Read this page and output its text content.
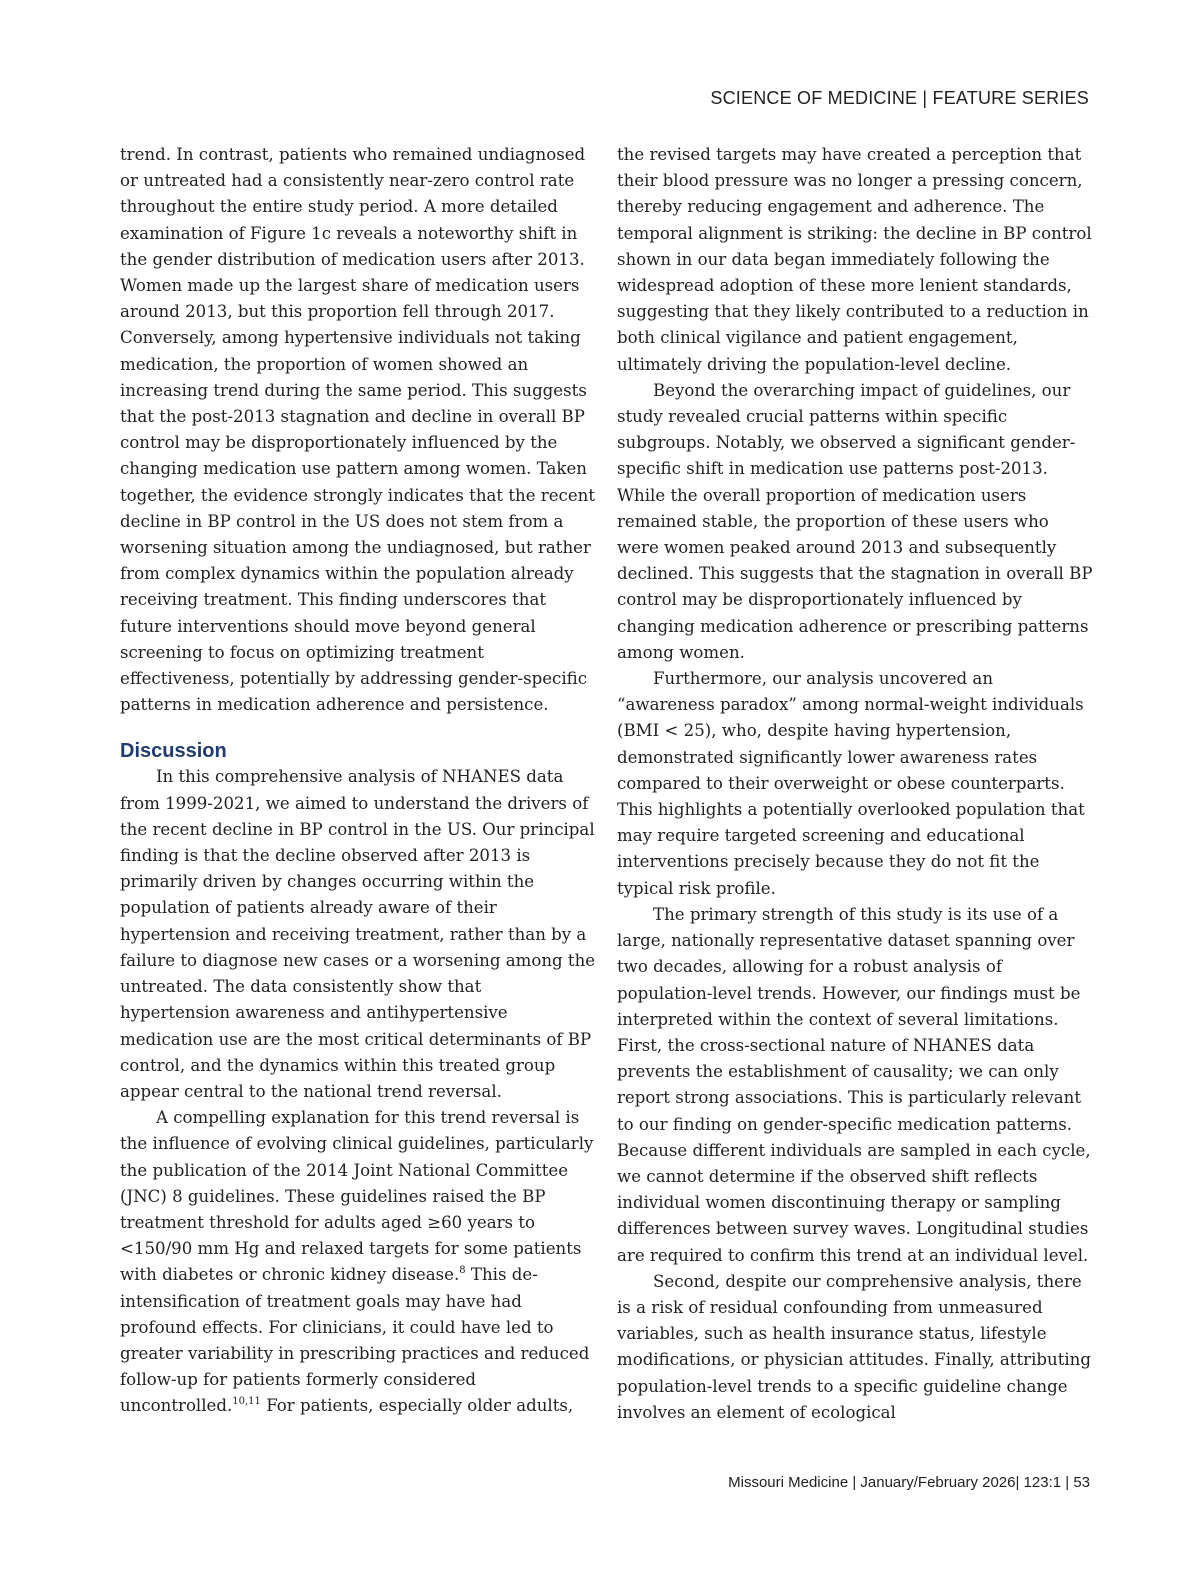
SCIENCE OF MEDICINE | FEATURE SERIES

trend. In contrast, patients who remained undiagnosed or untreated had a consistently near-zero control rate throughout the entire study period. A more detailed examination of Figure 1c reveals a noteworthy shift in the gender distribution of medication users after 2013. Women made up the largest share of medication users around 2013, but this proportion fell through 2017. Conversely, among hypertensive individuals not taking medication, the proportion of women showed an increasing trend during the same period. This suggests that the post-2013 stagnation and decline in overall BP control may be disproportionately influenced by the changing medication use pattern among women. Taken together, the evidence strongly indicates that the recent decline in BP control in the US does not stem from a worsening situation among the undiagnosed, but rather from complex dynamics within the population already receiving treatment. This finding underscores that future interventions should move beyond general screening to focus on optimizing treatment effectiveness, potentially by addressing gender-specific patterns in medication adherence and persistence.

Discussion

In this comprehensive analysis of NHANES data from 1999-2021, we aimed to understand the drivers of the recent decline in BP control in the US. Our principal finding is that the decline observed after 2013 is primarily driven by changes occurring within the population of patients already aware of their hypertension and receiving treatment, rather than by a failure to diagnose new cases or a worsening among the untreated. The data consistently show that hypertension awareness and antihypertensive medication use are the most critical determinants of BP control, and the dynamics within this treated group appear central to the national trend reversal.

A compelling explanation for this trend reversal is the influence of evolving clinical guidelines, particularly the publication of the 2014 Joint National Committee (JNC) 8 guidelines. These guidelines raised the BP treatment threshold for adults aged ≥60 years to <150/90 mm Hg and relaxed targets for some patients with diabetes or chronic kidney disease.$^8$ This de-intensification of treatment goals may have had profound effects. For clinicians, it could have led to greater variability in prescribing practices and reduced follow-up for patients formerly considered uncontrolled.$^{10,11}$ For patients, especially older adults,

the revised targets may have created a perception that their blood pressure was no longer a pressing concern, thereby reducing engagement and adherence. The temporal alignment is striking: the decline in BP control shown in our data began immediately following the widespread adoption of these more lenient standards, suggesting that they likely contributed to a reduction in both clinical vigilance and patient engagement, ultimately driving the population-level decline.

Beyond the overarching impact of guidelines, our study revealed crucial patterns within specific subgroups. Notably, we observed a significant gender-specific shift in medication use patterns post-2013. While the overall proportion of medication users remained stable, the proportion of these users who were women peaked around 2013 and subsequently declined. This suggests that the stagnation in overall BP control may be disproportionately influenced by changing medication adherence or prescribing patterns among women.

Furthermore, our analysis uncovered an “awareness paradox” among normal-weight individuals (BMI < 25), who, despite having hypertension, demonstrated significantly lower awareness rates compared to their overweight or obese counterparts. This highlights a potentially overlooked population that may require targeted screening and educational interventions precisely because they do not fit the typical risk profile.

The primary strength of this study is its use of a large, nationally representative dataset spanning over two decades, allowing for a robust analysis of population-level trends. However, our findings must be interpreted within the context of several limitations. First, the cross-sectional nature of NHANES data prevents the establishment of causality; we can only report strong associations. This is particularly relevant to our finding on gender-specific medication patterns. Because different individuals are sampled in each cycle, we cannot determine if the observed shift reflects individual women discontinuing therapy or sampling differences between survey waves. Longitudinal studies are required to confirm this trend at an individual level.

Second, despite our comprehensive analysis, there is a risk of residual confounding from unmeasured variables, such as health insurance status, lifestyle modifications, or physician attitudes. Finally, attributing population-level trends to a specific guideline change involves an element of ecological

Missouri Medicine | January/February 2026| 123:1 | 53
